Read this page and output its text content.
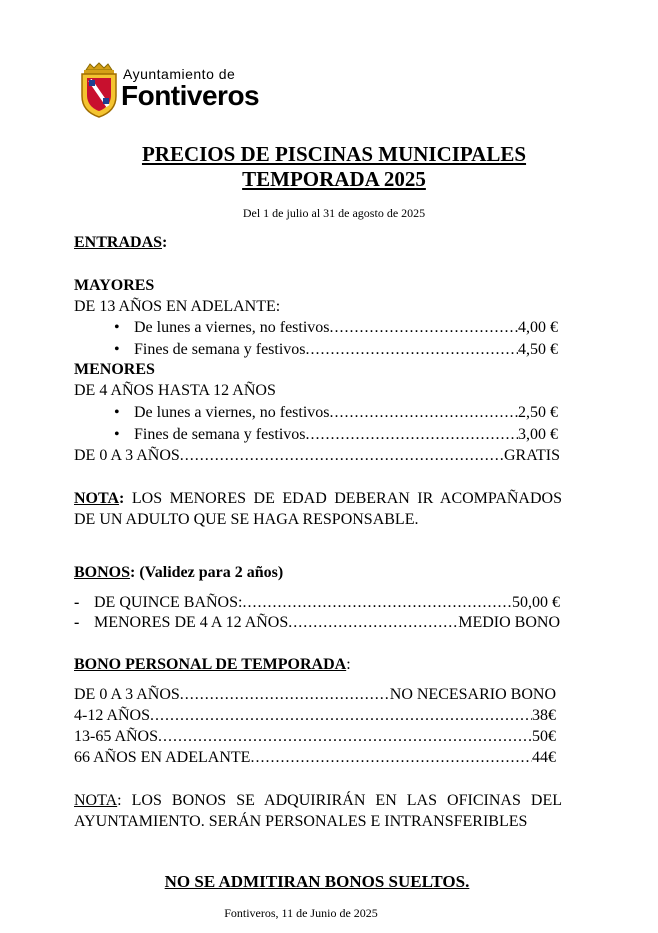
Ayuntamiento de
Fontiveros
PRECIOS DE PISCINAS MUNICIPALES
TEMPORADA 2025
Del 1 de julio al 31 de agosto de 2025
ENTRADAS:
MAYORES
DE 13 AÑOS EN ADELANTE:
• De lunes a viernes, no festivos .....	4,00 €
• Fines de semana y festivos .....	4,50 €
MENORES
DE 4 AÑOS HASTA 12 AÑOS
• De lunes a viernes, no festivos .....	2,50 €
• Fines de semana y festivos .....	3,00 €
DE 0 A 3 AÑOS .....	GRATIS
NOTA: LOS MENORES DE EDAD DEBERAN IR ACOMPAÑADOS DE UN ADULTO QUE SE HAGA RESPONSABLE.
BONOS: (Validez para 2 años)
- DE QUINCE BAÑOS: .....	50,00 €
- MENORES DE 4 A 12 AÑOS .....	MEDIO BONO
BONO PERSONAL DE TEMPORADA:
DE 0 A 3 AÑOS .....	NO NECESARIO BONO
4-12 AÑOS .....	38€
13-65 AÑOS .....	50€
66 AÑOS EN ADELANTE .....	44€
NOTA: LOS BONOS SE ADQUIRIRÁN EN LAS OFICINAS DEL AYUNTAMIENTO. SERÁN PERSONALES E INTRANSFERIBLES
NO SE ADMITIRAN BONOS SUELTOS.
Fontiveros, 11 de Junio de 2025
